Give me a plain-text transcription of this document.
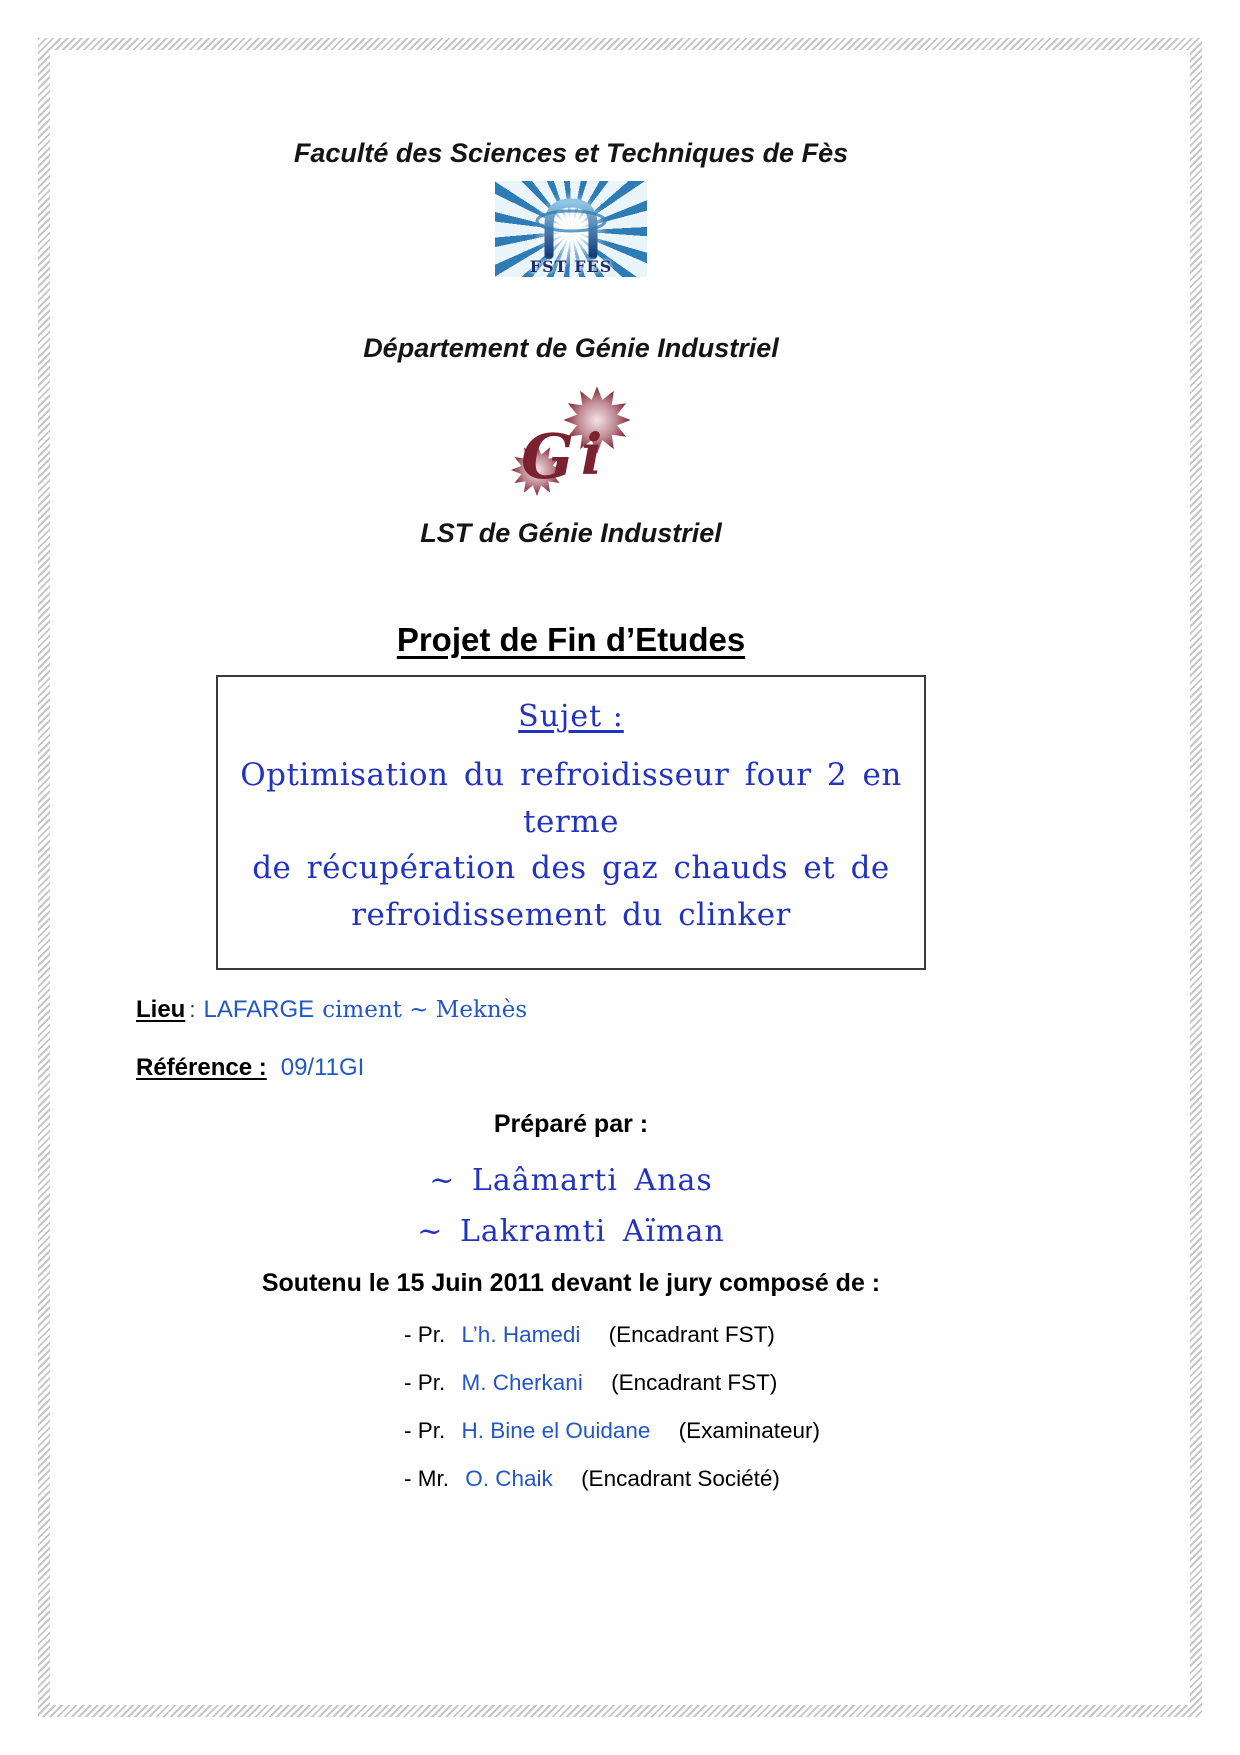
Faculté des Sciences et Techniques de Fès
FST FES
Département de Génie Industriel
G i
LST de Génie Industriel
Projet de Fin d’Etudes
Sujet :
Optimisation du refroidisseur four 2 en terme
de récupération des gaz chauds et de
refroidissement du clinker
Lieu : LAFARGE ciment ~ Meknès
Référence : 09/11GI
Préparé par :
~ Laâmarti Anas
~ Lakramti Aïman
Soutenu le 15 Juin 2011 devant le jury composé de :
- Pr. L’h. Hamedi (Encadrant FST)
- Pr. M. Cherkani (Encadrant FST)
- Pr. H. Bine el Ouidane (Examinateur)
- Mr. O. Chaik (Encadrant Société)
